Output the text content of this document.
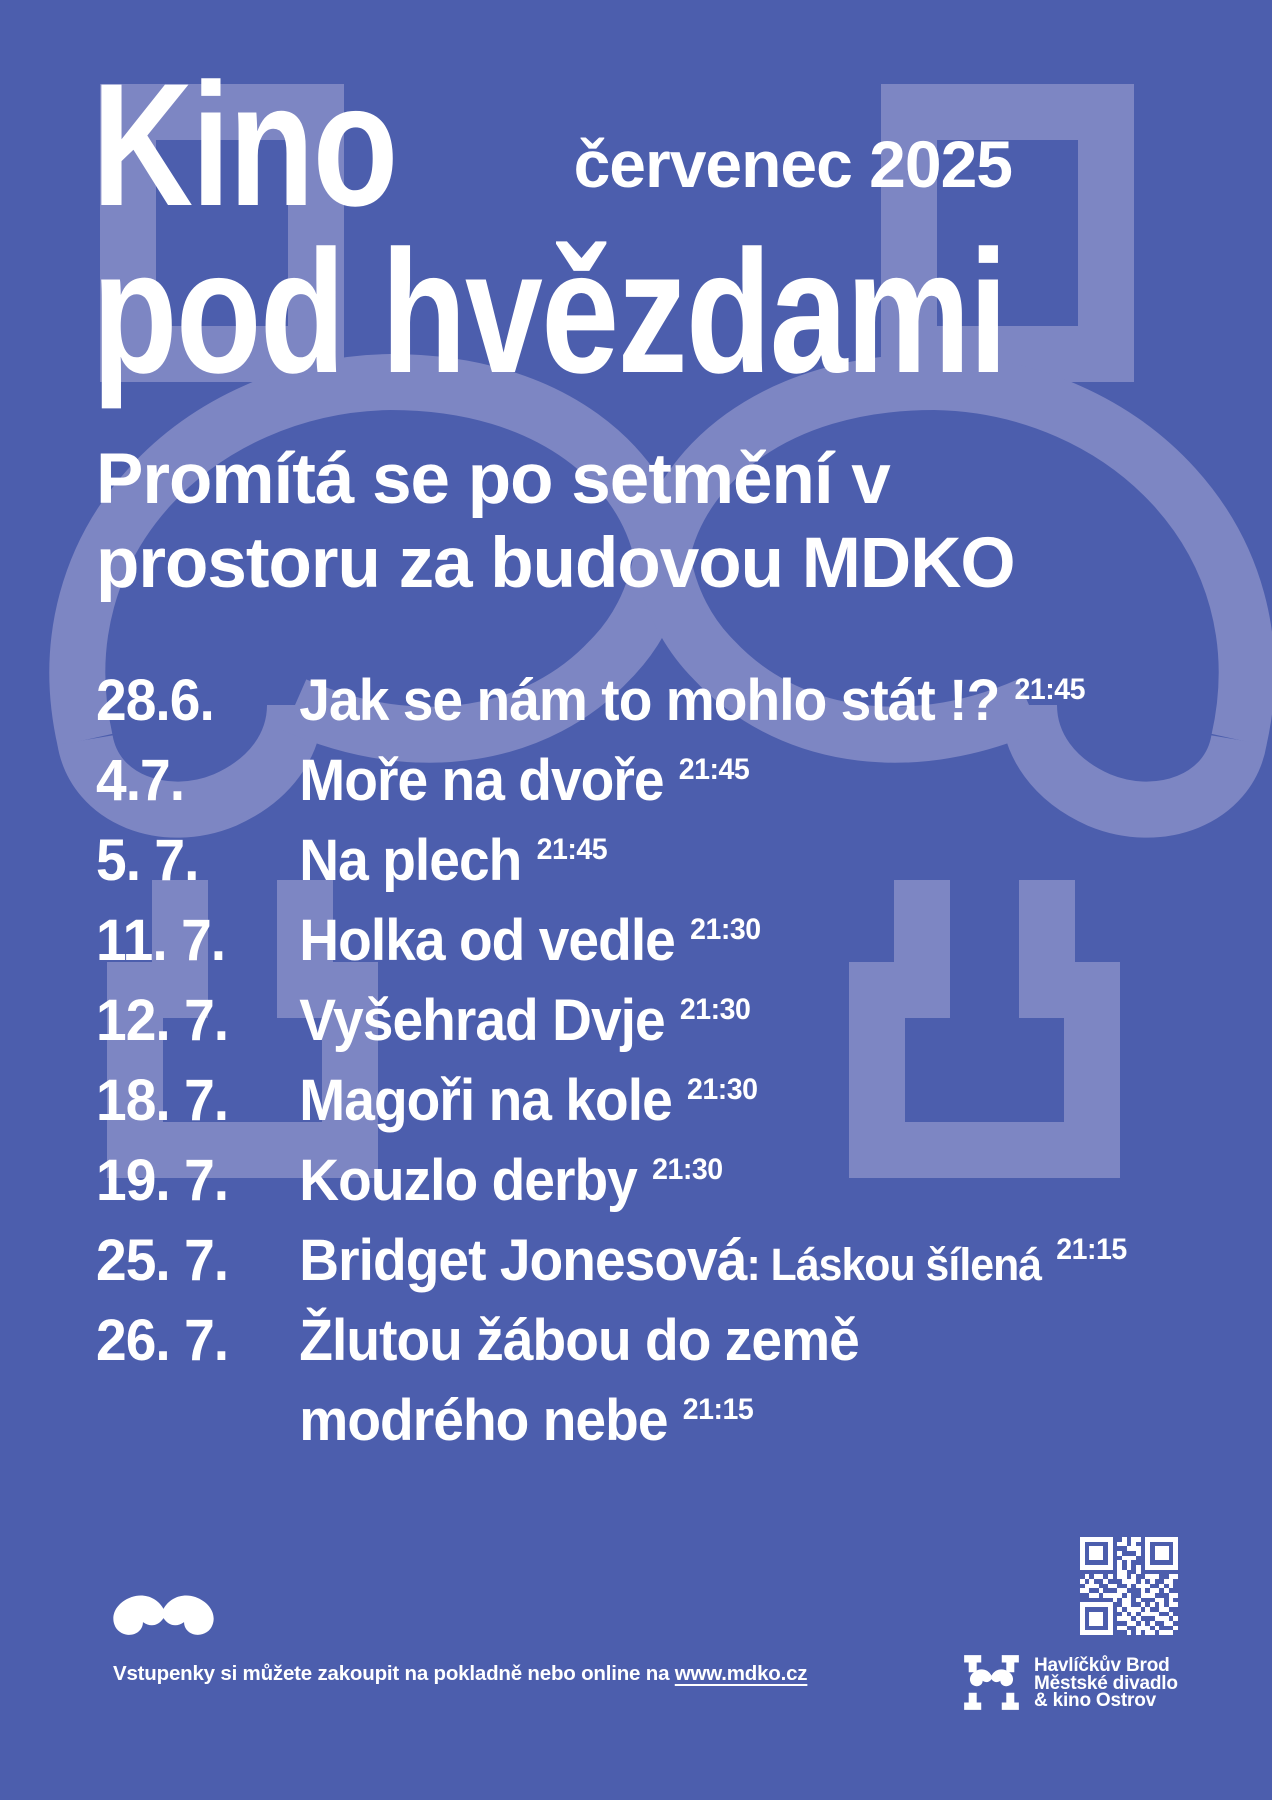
Kino
pod hvězdami
červenec 2025
Promítá se po setmění v
prostoru za budovou MDKO
28.6. Jak se nám to mohlo stát !? $^{21:45}$
4.7. Moře na dvoře $^{21:45}$
5. 7. Na plech $^{21:45}$
11. 7. Holka od vedle $^{21:30}$
12. 7. Vyšehrad Dvje $^{21:30}$
18. 7. Magoři na kole $^{21:30}$
19. 7. Kouzlo derby $^{21:30}$
25. 7. Bridget Jonesová: Láskou šílená $^{21:15}$
26. 7. Žlutou žábou do země
modrého nebe $^{21:15}$
Vstupenky si můžete zakoupit na pokladně nebo online na www.mdko.cz	Havlíčkův Brod
Městské divadlo
& kino Ostrov
